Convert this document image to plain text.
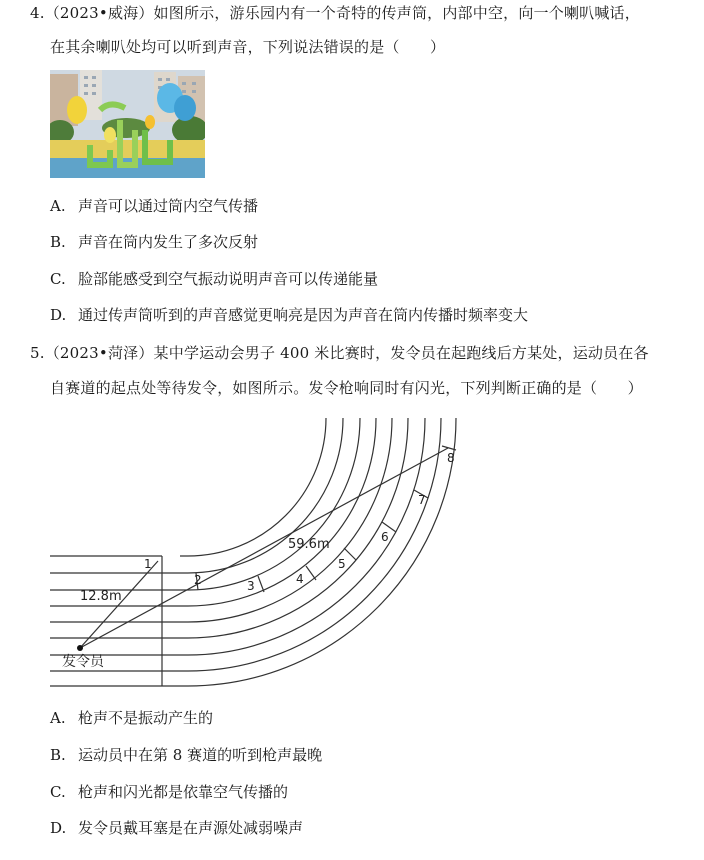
4.（2023•威海）如图所示，游乐园内有一个奇特的传声筒，内部中空，向一个喇叭喊话，
在其余喇叭处均可以听到声音，下列说法错误的是（　　）
A. 声音可以通过筒内空气传播
B. 声音在筒内发生了多次反射
C. 脸部能感受到空气振动说明声音可以传递能量
D. 通过传声筒听到的声音感觉更响亮是因为声音在筒内传播时频率变大
5.（2023•菏泽）某中学运动会男子 400 米比赛时，发令员在起跑线后方某处，运动员在各
自赛道的起点处等待发令，如图所示。发令枪响同时有闪光，下列判断正确的是（　　）
1
2	3	4
5
6
7
8
12.8m
59.6m
发令员
A. 枪声不是振动产生的
B. 运动员中在第 8 赛道的听到枪声最晚
C. 枪声和闪光都是依靠空气传播的
D. 发令员戴耳塞是在声源处减弱噪声
